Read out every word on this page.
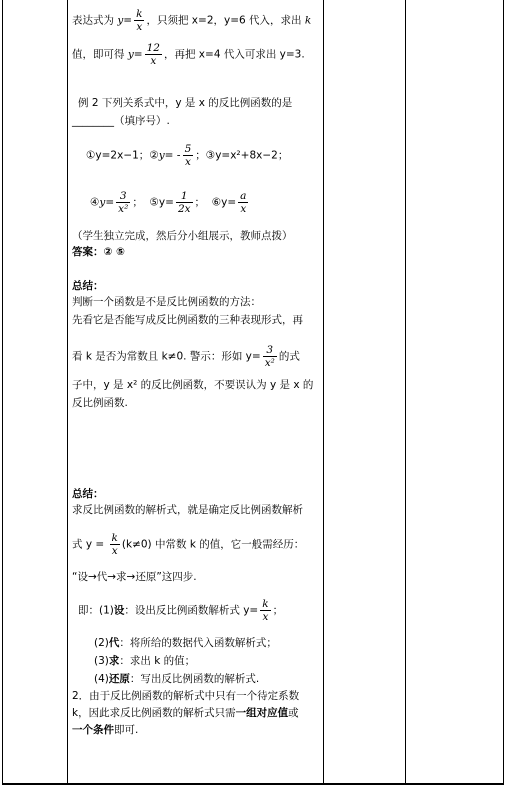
表达式为 $y= \frac{k}{x}$ ，只须把 x=2，y=6 代入，求出 k
值，即可得 $y= \frac{12}{x}$ ，再把 x=4 代入可求出 y=3.
例 2 下列关系式中，y 是 x 的反比例函数的是
________（填序号）.
①y=2x−1；②y= - $\frac{5}{x}$ ；③y=x²+8x−2；
④y= $\frac{3}{\text{x²}}$ ； ⑤y= $\frac{1}{2x}$ ； ⑥y= $\frac{a}{x}$
（学生独立完成，然后分小组展示，教师点拨）
答案：② ⑤
总结：
判断一个函数是不是反比例函数的方法：
先看它是否能写成反比例函数的三种表现形式，再
看 k 是否为常数且 k≠0. 警示：形如 $y= \frac{3}{\text{x²}}$ 的式
子中，y 是 x² 的反比例函数，不要误认为 y 是 x 的
反比例函数.
总结：
求反比例函数的解析式，就是确定反比例函数解析
式 $y = \frac{k}{x} (k\ne 0)$ 中常数 k 的值，它一般需经历：
“设→代→求→还原”这四步.
即：(1)设：设出反比例函数解析式 $y= \frac{k}{x}$ ；
(2)代：将所给的数据代入函数解析式；
(3)求：求出 k 的值；
(4)还原：写出反比例函数的解析式.
2．由于反比例函数的解析式中只有一个待定系数
k，因此求反比例函数的解析式只需一组对应值或
一个条件即可.
